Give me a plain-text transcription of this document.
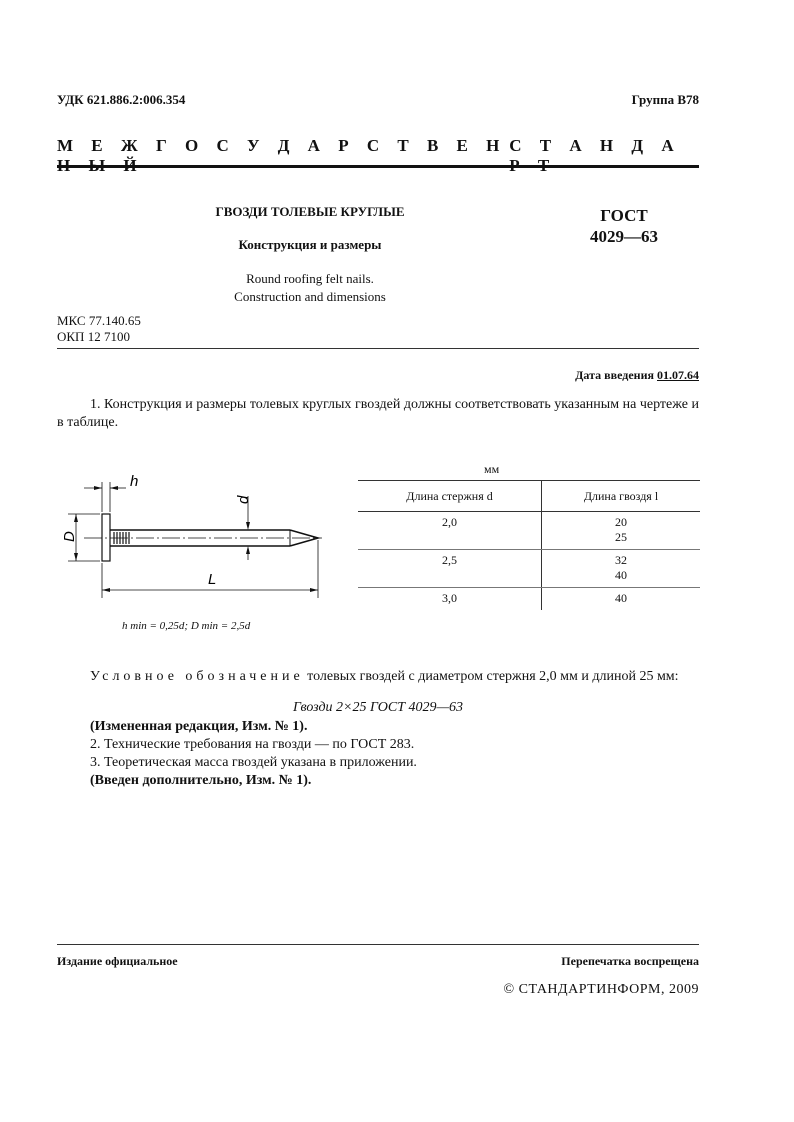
УДК 621.886.2:006.354	Группа В78
М Е Ж Г О С У Д А Р С Т В Е Н С Т А Н Д А
ГВОЗДИ ТОЛЕВЫЕ КРУГЛЫЕ
Конструкция и размеры
Round roofing felt nails.
Construction and dimensions
ГОСТ
4029—63
МКС 77.140.65
ОКП 12 7100
Дата введения 01.07.64
1. Конструкция и размеры толевых круглых гвоздей должны соответствовать указанным на чертеже и в таблице.
h
D
d
L
h min = 0,25d; D min = 2,5d
мм
Длина стержня d	Длина гвоздя l
2,0	20
25

2,5	32
40

3,0	40
Условное обозначение толевых гвоздей с диаметром стержня 2,0 мм и длиной 25 мм:
Гвозди 2×25 ГОСТ 4029—63
(Измененная редакция, Изм. № 1).
2. Технические требования на гвозди — по ГОСТ 283.
3. Теоретическая масса гвоздей указана в приложении.
(Введен дополнительно, Изм. № 1).
Издание официальное	Перепечатка воспрещена
© СТАНДАРТИНФОРМ, 2009
